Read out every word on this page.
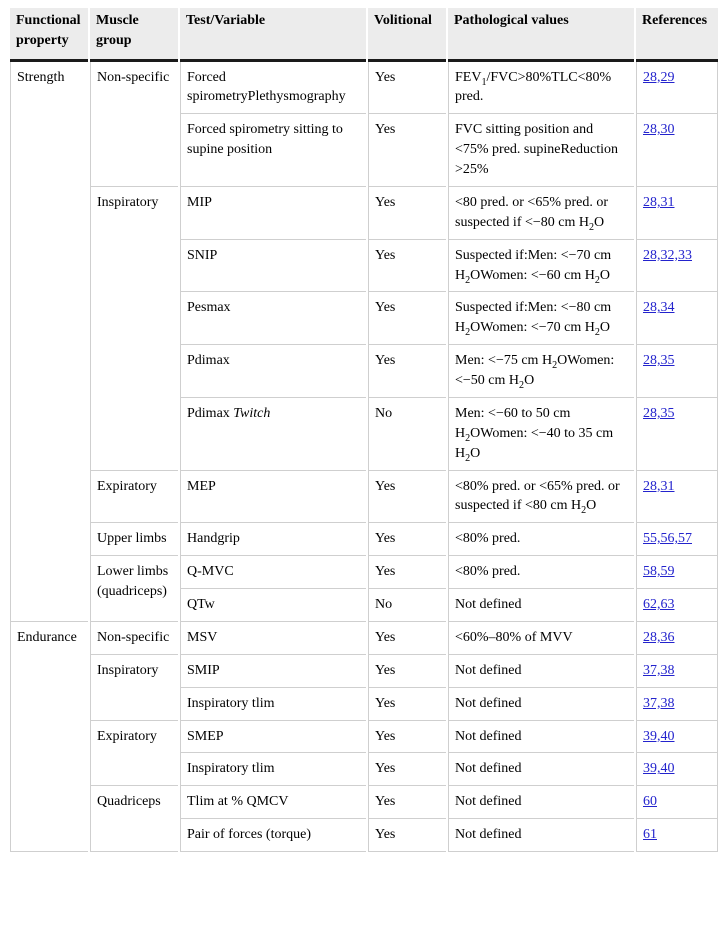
Functional property	Muscle group	Test/Variable	Volitional	Pathological values	References
Strength	Non-specific	Forced spirometryPlethysmography	Yes	$FEV_1/FVC>80\%TLC<80\%$ pred.	28,29
		Forced spirometry sitting to supine position	Yes	FVC sitting position and <75% pred. supineReduction >25%	28,30
	Inspiratory	MIP	Yes	<80 pred. or <65% pred. or suspected if <−80 cm $H_2O$	28,31
		SNIP	Yes	Suspected if:Men: <−70 cm $H_2OWomen$: <−60 cm $H_2O$	28,32,33
		Pesmax	Yes	Suspected if:Men: <−80 cm $H_2OWomen$: <−70 cm $H_2O$	28,34
		Pdimax	Yes	Men: <−75 cm $H_2OWomen$: <−50 cm $H_2O$	28,35
		Pdimax Twitch	No	Men: <−60 to 50 cm $H_2OWomen$: <−40 to 35 cm $H_2O$	28,35
	Expiratory	MEP	Yes	<80% pred. or <65% pred. or suspected if <80 cm $H_2O$	28,31
	Upper limbs	Handgrip	Yes	<80% pred.	55,56,57
	Lower limbs (quadriceps)	Q-MVC	Yes	<80% pred.	58,59
		QTw	No	Not defined	62,63
Endurance	Non-specific	MSV	Yes	<60%–80% of MVV	28,36
	Inspiratory	SMIP	Yes	Not defined	37,38
		Inspiratory tlim	Yes	Not defined	37,38
	Expiratory	SMEP	Yes	Not defined	39,40
		Inspiratory tlim	Yes	Not defined	39,40
	Quadriceps	Tlim at % QMCV	Yes	Not defined	60
		Pair of forces (torque)	Yes	Not defined	61
